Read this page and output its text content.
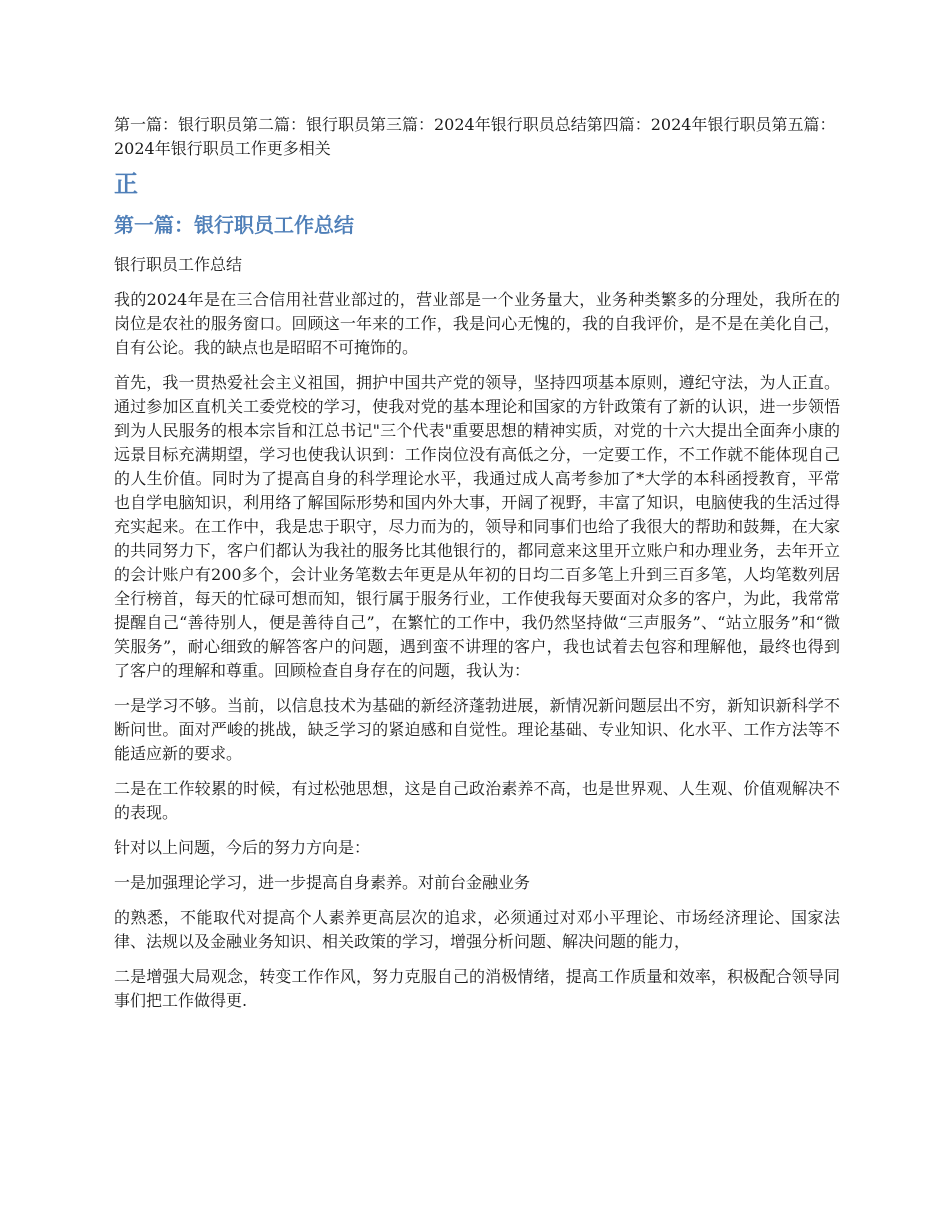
第一篇：银行职员第二篇：银行职员第三篇：2024年银行职员总结第四篇：2024年银行职员第五篇：2024年银行职员工作更多相关

正
第一篇：银行职员工作总结

银行职员工作总结

我的2024年是在三合信用社营业部过的，营业部是一个业务量大，业务种类繁多的分理处，我所在的岗位是农社的服务窗口。回顾这一年来的工作，我是问心无愧的，我的自我评价，是不是在美化自己，自有公论。我的缺点也是昭昭不可掩饰的。

首先，我一贯热爱社会主义祖国，拥护中国共产党的领导，坚持四项基本原则，遵纪守法，为人正直。通过参加区直机关工委党校的学习，使我对党的基本理论和国家的方针政策有了新的认识，进一步领悟到为人民服务的根本宗旨和江总书记"三个代表"重要思想的精神实质，对党的十六大提出全面奔小康的远景目标充满期望，学习也使我认识到：工作岗位没有高低之分，一定要工作，不工作就不能体现自己的人生价值。同时为了提高自身的科学理论水平，我通过成人高考参加了*大学的本科函授教育，平常也自学电脑知识，利用络了解国际形势和国内外大事，开阔了视野，丰富了知识，电脑使我的生活过得充实起来。在工作中，我是忠于职守，尽力而为的，领导和同事们也给了我很大的帮助和鼓舞，在大家的共同努力下，客户们都认为我社的服务比其他银行的，都同意来这里开立账户和办理业务，去年开立的会计账户有200多个，会计业务笔数去年更是从年初的日均二百多笔上升到三百多笔，人均笔数列居全行榜首，每天的忙碌可想而知，银行属于服务行业，工作使我每天要面对众多的客户，为此，我常常提醒自己“善待别人，便是善待自己”，在繁忙的工作中，我仍然坚持做“三声服务”、“站立服务”和“微笑服务”，耐心细致的解答客户的问题，遇到蛮不讲理的客户，我也试着去包容和理解他，最终也得到了客户的理解和尊重。回顾检查自身存在的问题，我认为：

一是学习不够。当前，以信息技术为基础的新经济蓬勃进展，新情况新问题层出不穷，新知识新科学不断问世。面对严峻的挑战，缺乏学习的紧迫感和自觉性。理论基础、专业知识、化水平、工作方法等不能适应新的要求。

二是在工作较累的时候，有过松弛思想，这是自己政治素养不高，也是世界观、人生观、价值观解决不的表现。

针对以上问题，今后的努力方向是：

一是加强理论学习，进一步提高自身素养。对前台金融业务

的熟悉，不能取代对提高个人素养更高层次的追求，必须通过对邓小平理论、市场经济理论、国家法律、法规以及金融业务知识、相关政策的学习，增强分析问题、解决问题的能力，

二是增强大局观念，转变工作作风，努力克服自己的消极情绪，提高工作质量和效率，积极配合领导同事们把工作做得更.
